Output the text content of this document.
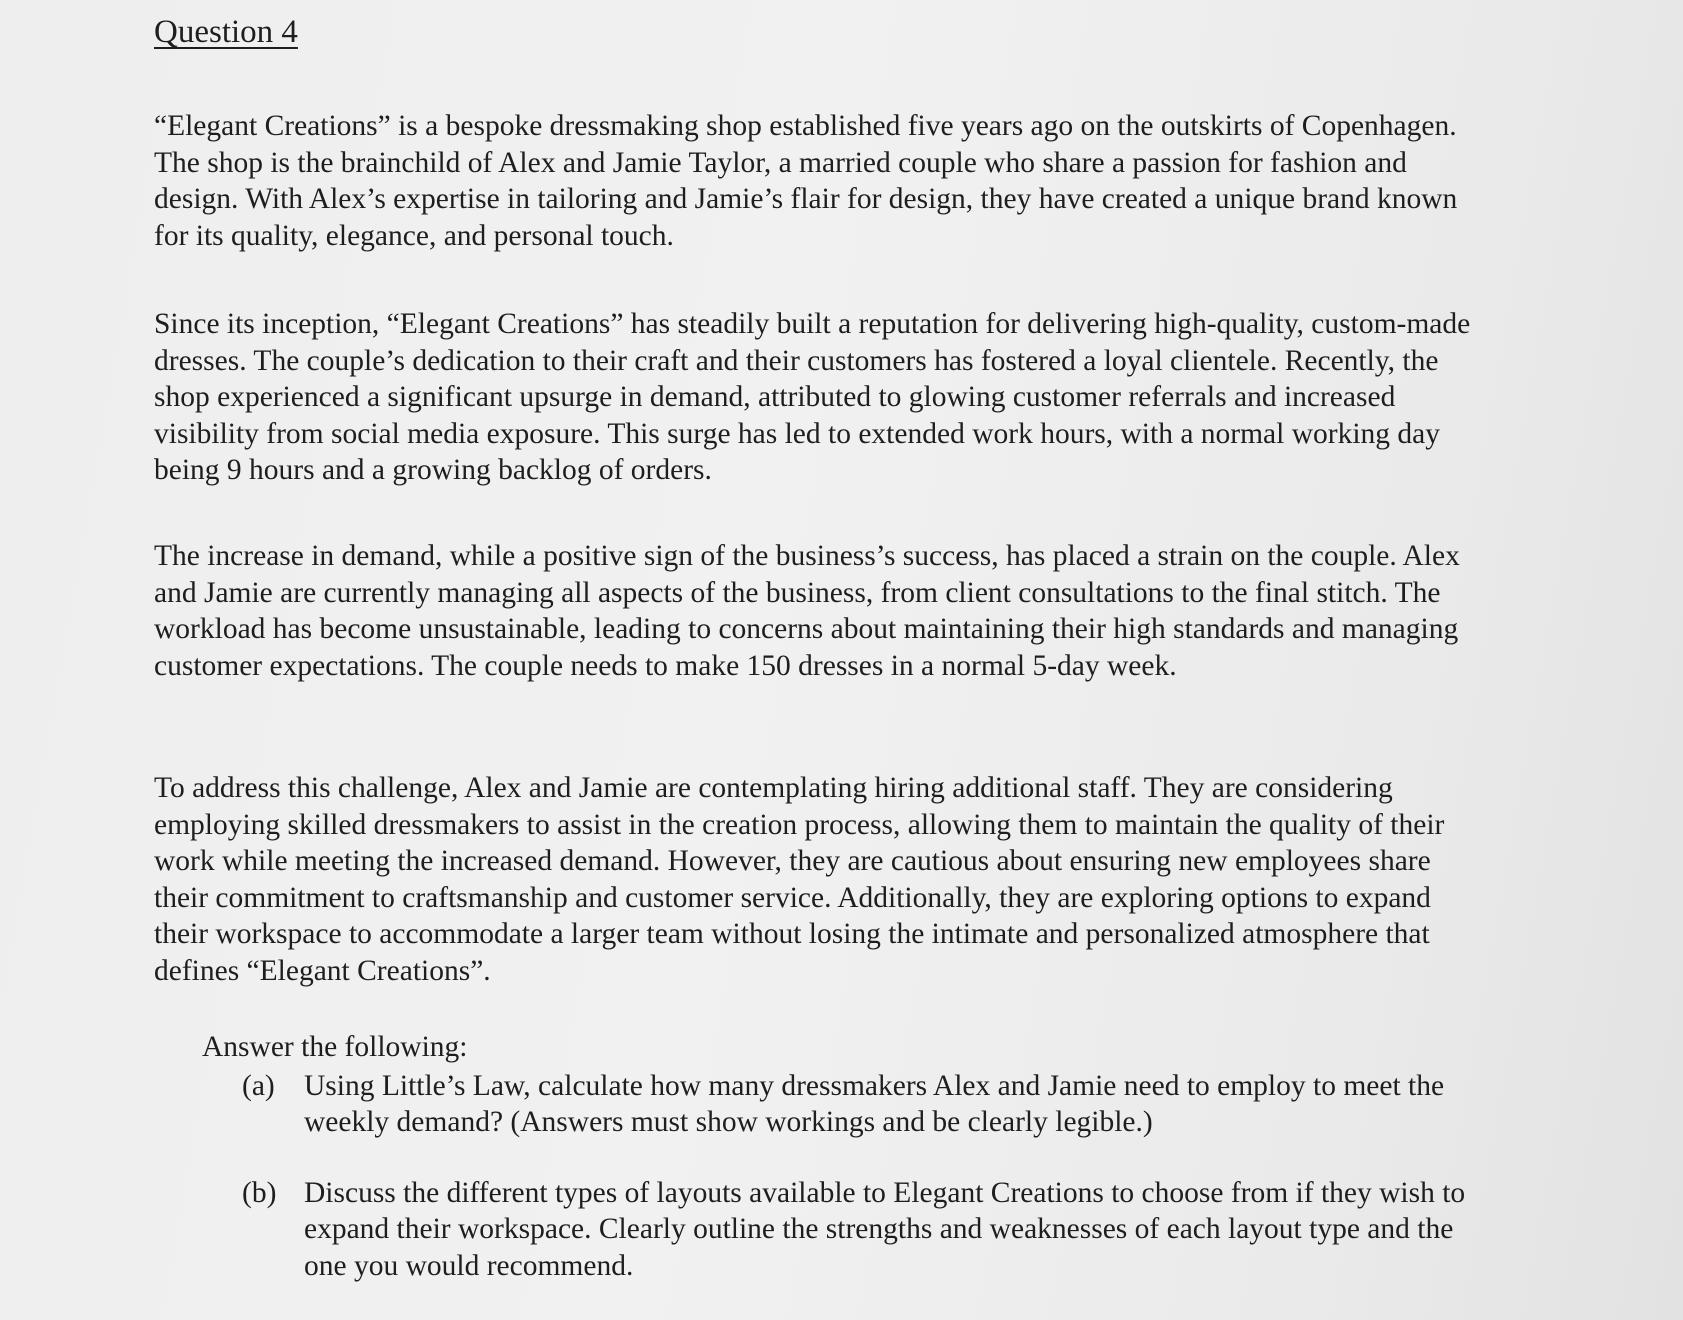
Question 4

“Elegant Creations” is a bespoke dressmaking shop established five years ago on the outskirts of Copenhagen. The shop is the brainchild of Alex and Jamie Taylor, a married couple who share a passion for fashion and design. With Alex’s expertise in tailoring and Jamie’s flair for design, they have created a unique brand known for its quality, elegance, and personal touch.

Since its inception, “Elegant Creations” has steadily built a reputation for delivering high-quality, custom-made dresses. The couple’s dedication to their craft and their customers has fostered a loyal clientele. Recently, the shop experienced a significant upsurge in demand, attributed to glowing customer referrals and increased visibility from social media exposure. This surge has led to extended work hours, with a normal working day being 9 hours and a growing backlog of orders.

The increase in demand, while a positive sign of the business’s success, has placed a strain on the couple. Alex and Jamie are currently managing all aspects of the business, from client consultations to the final stitch. The workload has become unsustainable, leading to concerns about maintaining their high standards and managing customer expectations. The couple needs to make 150 dresses in a normal 5-day week.

To address this challenge, Alex and Jamie are contemplating hiring additional staff. They are considering employing skilled dressmakers to assist in the creation process, allowing them to maintain the quality of their work while meeting the increased demand. However, they are cautious about ensuring new employees share their commitment to craftsmanship and customer service. Additionally, they are exploring options to expand their workspace to accommodate a larger team without losing the intimate and personalized atmosphere that defines “Elegant Creations”.

Answer the following:

(a) Using Little’s Law, calculate how many dressmakers Alex and Jamie need to employ to meet the weekly demand? (Answers must show workings and be clearly legible.)
(b) Discuss the different types of layouts available to Elegant Creations to choose from if they wish to expand their workspace. Clearly outline the strengths and weaknesses of each layout type and the one you would recommend.
